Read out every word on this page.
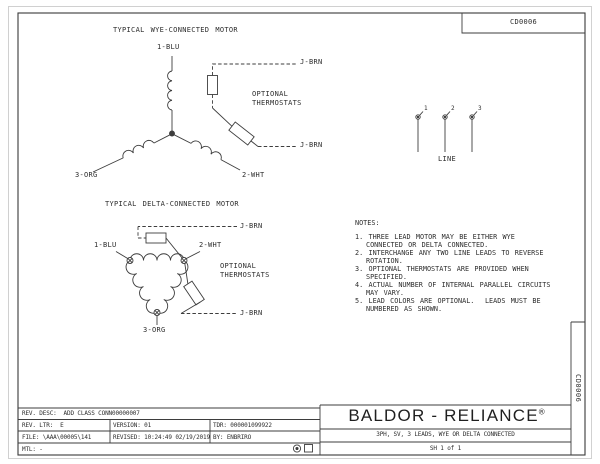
CD0006
CD0006
TYPICAL WYE-CONNECTED MOTOR
1-BLU
J-BRN
OPTIONAL
THERMOSTATS
J-BRN
3-ORG	2-WHT
TYPICAL DELTA-CONNECTED MOTOR
J-BRN
1-BLU	2-WHT
OPTIONAL
THERMOSTATS
J-BRN
3-ORG
1	2	3
LINE
NOTES:
1. THREE LEAD MOTOR MAY BE EITHER WYE
CONNECTED OR DELTA CONNECTED.
2. INTERCHANGE ANY TWO LINE LEADS TO REVERSE
ROTATION.
3. OPTIONAL THERMOSTATS ARE PROVIDED WHEN
SPECIFIED.
4. ACTUAL NUMBER OF INTERNAL PARALLEL CIRCUITS
MAY VARY.
5. LEAD COLORS ARE OPTIONAL.  LEADS MUST BE
NUMBERED AS SHOWN.
REV. DESC:  ADD CLASS CONN00000007
REV. LTR:  E	VERSION: 01	TDR: 000001099922
FILE: \AAA\00005\141	REVISED: 10:24:49 02/19/2019 BY: ENBRIRO
MTL: -
BALDOR - RELIANCE®
3PH, SV, 3 LEADS, WYE OR DELTA CONNECTED
SH 1 of 1
